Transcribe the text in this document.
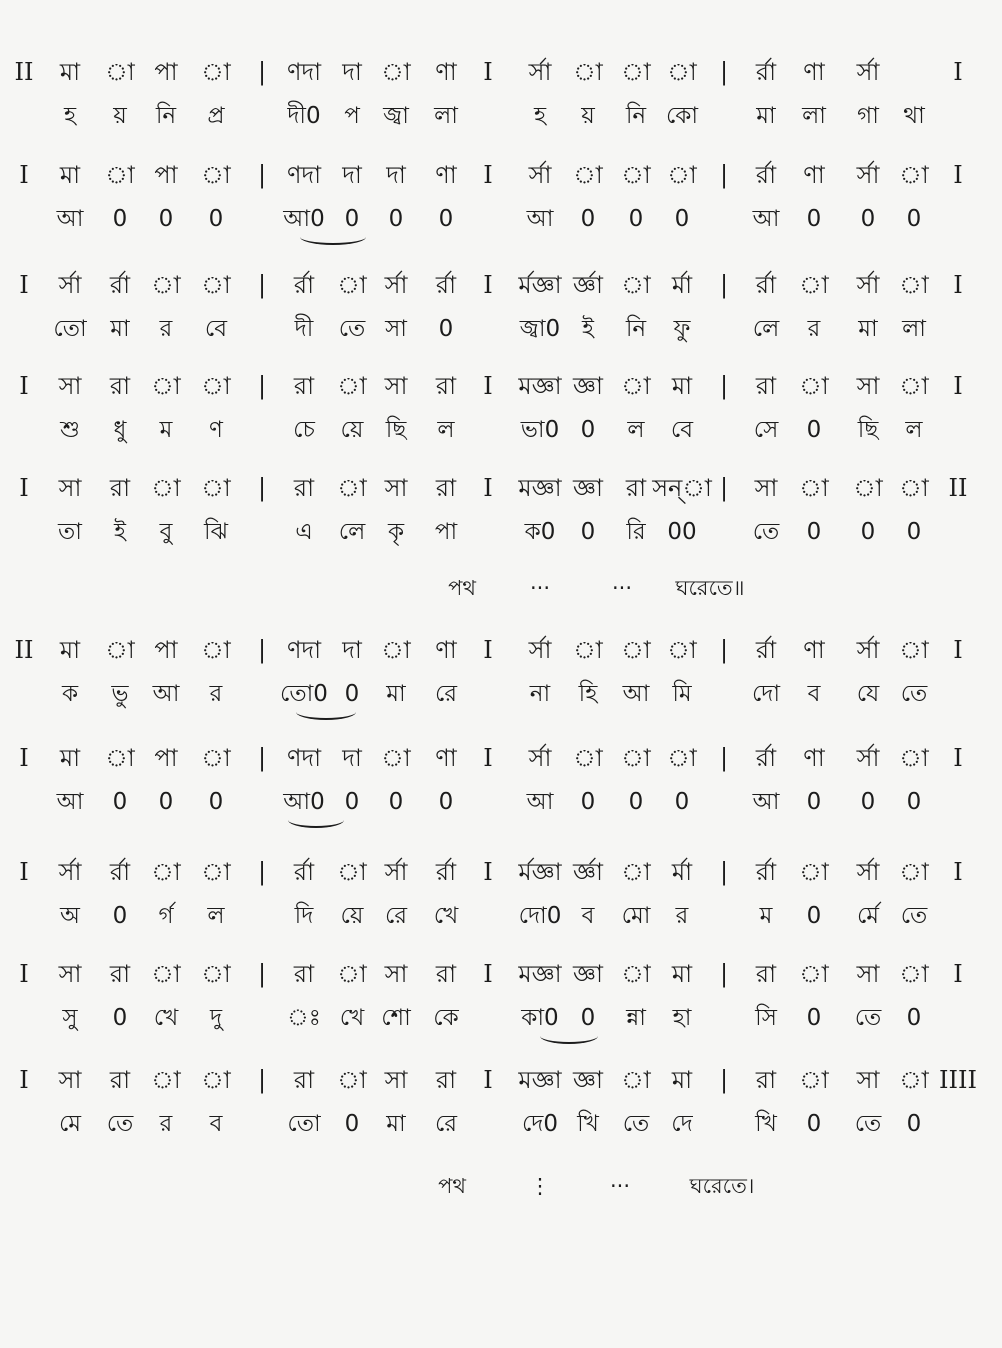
II মা া পা া | ণদা দা া ণা I র্সা া া া | র্রা ণা র্সা	I
হ য় নি প্র	দী0 প জ্বা লা	হ য় নি কো	মা লা গা থা
I মা া পা া | ণদা দা দা ণা I র্সা া া া | র্রা ণা র্সা া I
আ 0 0 0	আ0 0 0 0	আ 0 0 0	আ 0 0 0
I র্সা র্রা া া | র্রা া র্সা র্রা I র্মজ্ঞা র্জ্ঞা া র্মা | র্রা া র্সা া I
তো মা র বে	দী তে সা 0	জ্বা0 ই নি ফু	লে র মা লা
I সা রা া া | রা া সা রা I মজ্ঞা জ্ঞা া মা | রা া সা া I
শু ধু ম ণ	চে য়ে ছি ল	ভা0 0 ল বে	সে 0 ছি ল
I সা রা া া | রা া সা রা I মজ্ঞা জ্ঞা রা সন্া | সা া া া II
তা ই বু ঝি	এ লে কৃ পা	ক0 0 রি 00 তে 0 0 0
II মা া পা া | ণদা দা া ণা I র্সা া া া | র্রা ণা র্সা া I
ক ভু আ র	তো0 0 মা রে	না হি আ মি	দো ব যে তে
I মা া পা া | ণদা দা া ণা I র্সা া া া | র্রা ণা র্সা া I
আ 0 0 0	আ0 0 0 0	আ 0 0 0	আ 0 0 0
I র্সা র্রা া া | র্রা া র্সা র্রা I র্মজ্ঞা র্জ্ঞা া র্মা | র্রা া র্সা া I
অ 0 র্গ ল	দি য়ে রে খে	দো0 ব মো র	ম 0 র্মে তে
I সা রা া া | রা া সা রা I মজ্ঞা জ্ঞা া মা | রা া সা া I
সু 0 খে দু	ঃ খে শো কে	কা0 0 ন্না হা	সি 0 তে 0
I সা রা া া | রা া সা রা I মজ্ঞা জ্ঞা া মা | রা া সা া IIII
মে তে র ব	তো 0 মা রে	দে0 খি তে দে	খি 0 তে 0
পথ	···	··· ঘরেতে॥
পথ	⋮	···	ঘরেতে।
